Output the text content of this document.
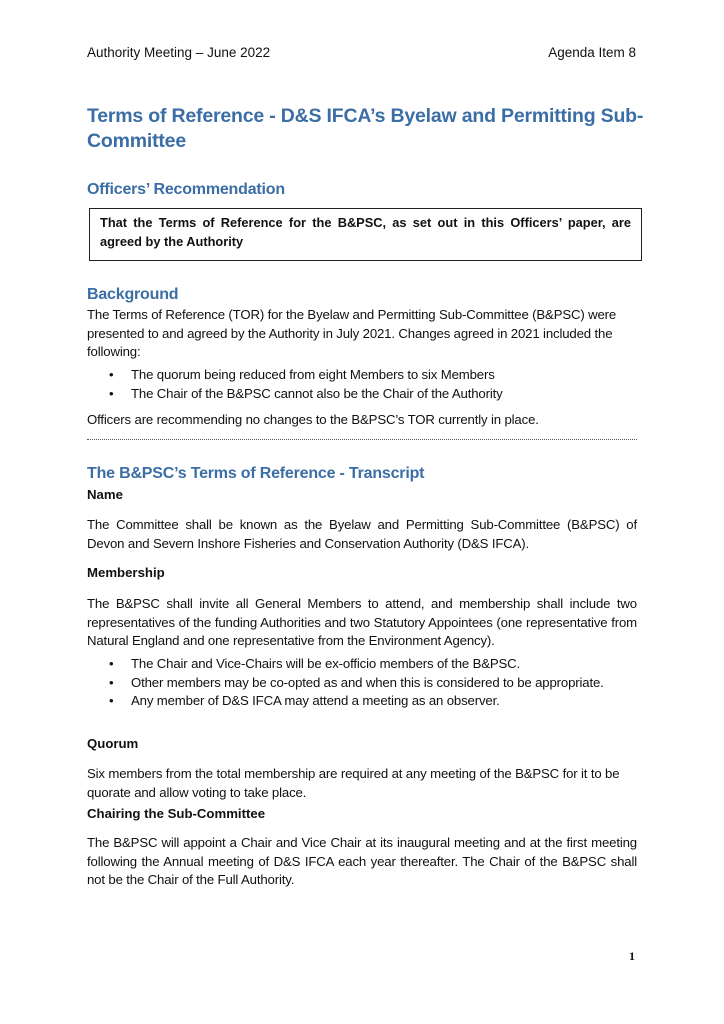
Authority Meeting – June 2022	Agenda Item 8
Terms of Reference - D&S IFCA’s Byelaw and Permitting Sub-Committee
Officers’ Recommendation
That the Terms of Reference for the B&PSC, as set out in this Officers’ paper, are agreed by the Authority
Background
The Terms of Reference (TOR) for the Byelaw and Permitting Sub-Committee (B&PSC) were presented to and agreed by the Authority in July 2021. Changes agreed in 2021 included the following:
• The quorum being reduced from eight Members to six Members
• The Chair of the B&PSC cannot also be the Chair of the Authority
Officers are recommending no changes to the B&PSC’s TOR currently in place.
The B&PSC’s Terms of Reference - Transcript
Name
The Committee shall be known as the Byelaw and Permitting Sub-Committee (B&PSC) of Devon and Severn Inshore Fisheries and Conservation Authority (D&S IFCA).
Membership
The B&PSC shall invite all General Members to attend, and membership shall include two representatives of the funding Authorities and two Statutory Appointees (one representative from Natural England and one representative from the Environment Agency).
• The Chair and Vice-Chairs will be ex-officio members of the B&PSC.
• Other members may be co-opted as and when this is considered to be appropriate.
• Any member of D&S IFCA may attend a meeting as an observer.
Quorum
Six members from the total membership are required at any meeting of the B&PSC for it to be quorate and allow voting to take place.
Chairing the Sub-Committee
The B&PSC will appoint a Chair and Vice Chair at its inaugural meeting and at the first meeting following the Annual meeting of D&S IFCA each year thereafter. The Chair of the B&PSC shall not be the Chair of the Full Authority.
1
